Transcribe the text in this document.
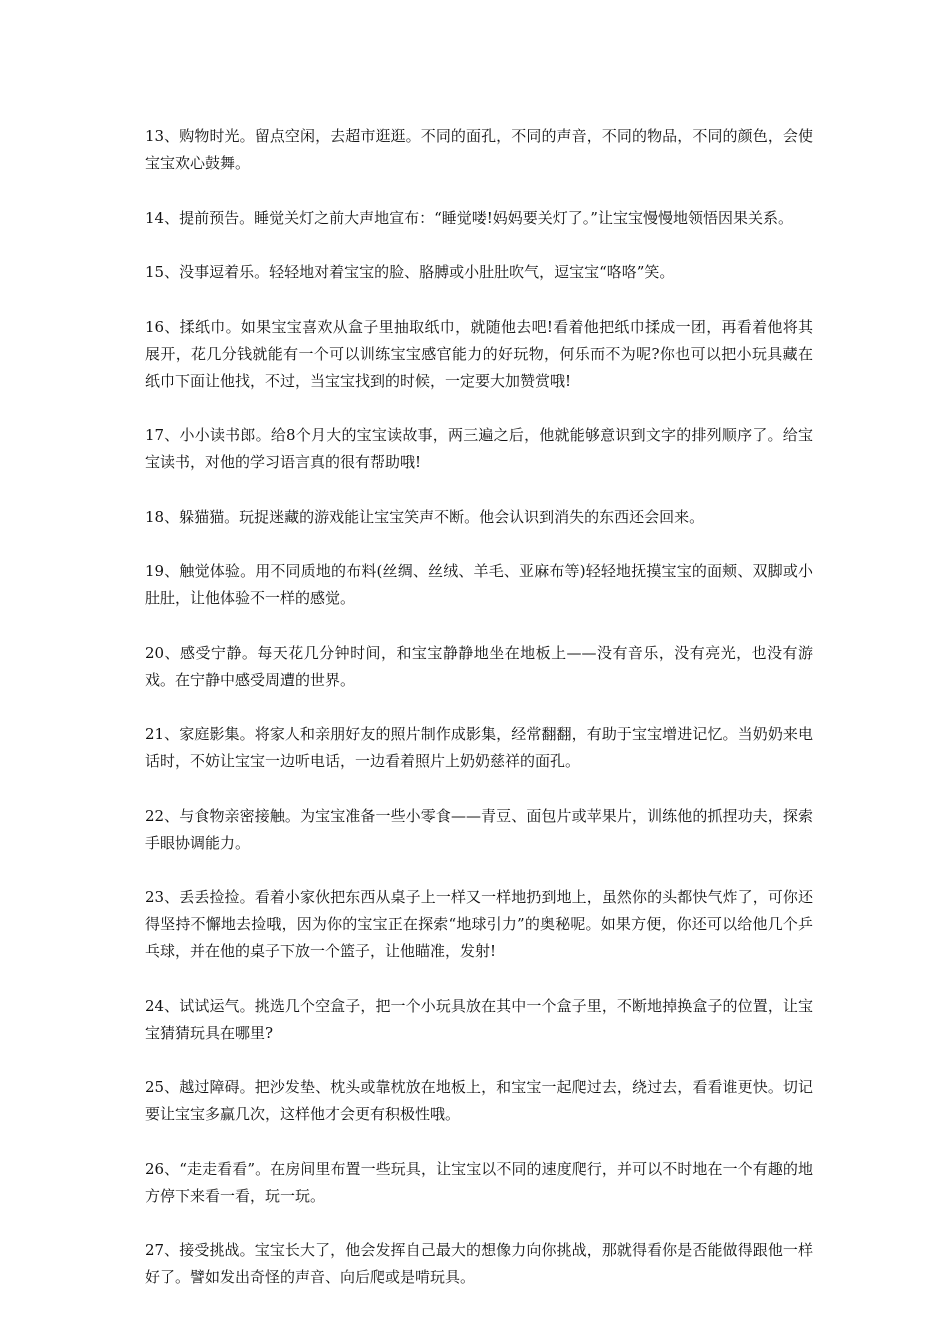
13、购物时光。留点空闲，去超市逛逛。不同的面孔，不同的声音，不同的物品，不同的颜色，会使宝宝欢心鼓舞。

14、提前预告。睡觉关灯之前大声地宣布：“睡觉喽!妈妈要关灯了。”让宝宝慢慢地领悟因果关系。

15、没事逗着乐。轻轻地对着宝宝的脸、胳膊或小肚肚吹气，逗宝宝“咯咯”笑。

16、揉纸巾。如果宝宝喜欢从盒子里抽取纸巾，就随他去吧!看着他把纸巾揉成一团，再看着他将其展开，花几分钱就能有一个可以训练宝宝感官能力的好玩物，何乐而不为呢?你也可以把小玩具藏在纸巾下面让他找，不过，当宝宝找到的时候，一定要大加赞赏哦!

17、小小读书郎。给8个月大的宝宝读故事，两三遍之后，他就能够意识到文字的排列顺序了。给宝宝读书，对他的学习语言真的很有帮助哦!

18、躲猫猫。玩捉迷藏的游戏能让宝宝笑声不断。他会认识到消失的东西还会回来。

19、触觉体验。用不同质地的布料(丝绸、丝绒、羊毛、亚麻布等)轻轻地抚摸宝宝的面颊、双脚或小肚肚，让他体验不一样的感觉。

20、感受宁静。每天花几分钟时间，和宝宝静静地坐在地板上——没有音乐，没有亮光，也没有游戏。在宁静中感受周遭的世界。

21、家庭影集。将家人和亲朋好友的照片制作成影集，经常翻翻，有助于宝宝增进记忆。当奶奶来电话时，不妨让宝宝一边听电话，一边看着照片上奶奶慈祥的面孔。

22、与食物亲密接触。为宝宝准备一些小零食——青豆、面包片或苹果片，训练他的抓捏功夫，探索手眼协调能力。

23、丢丢捡捡。看着小家伙把东西从桌子上一样又一样地扔到地上，虽然你的头都快气炸了，可你还得坚持不懈地去捡哦，因为你的宝宝正在探索“地球引力”的奥秘呢。如果方便，你还可以给他几个乒乓球，并在他的桌子下放一个篮子，让他瞄准，发射!

24、试试运气。挑选几个空盒子，把一个小玩具放在其中一个盒子里，不断地掉换盒子的位置，让宝宝猜猜玩具在哪里?

25、越过障碍。把沙发垫、枕头或靠枕放在地板上，和宝宝一起爬过去，绕过去，看看谁更快。切记要让宝宝多赢几次，这样他才会更有积极性哦。

26、“走走看看”。在房间里布置一些玩具，让宝宝以不同的速度爬行，并可以不时地在一个有趣的地方停下来看一看，玩一玩。

27、接受挑战。宝宝长大了，他会发挥自己最大的想像力向你挑战，那就得看你是否能做得跟他一样好了。譬如发出奇怪的声音、向后爬或是啃玩具。
